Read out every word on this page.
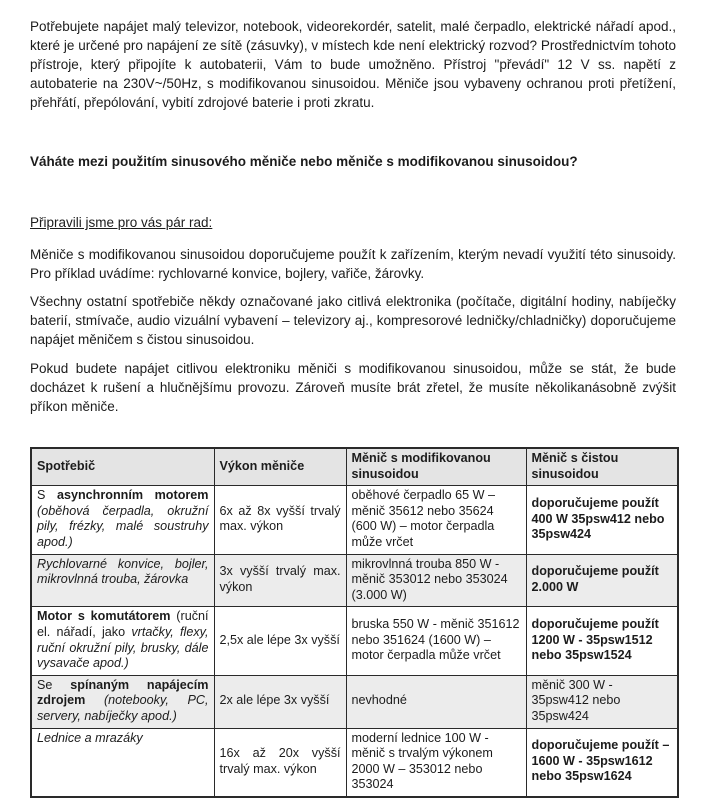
Potřebujete napájet malý televizor, notebook, videorekordér, satelit, malé čerpadlo, elektrické nářadí apod., které je určené pro napájení ze sítě (zásuvky), v místech kde není elektrický rozvod? Prostřednictvím tohoto přístroje, který připojíte k autobaterii, Vám to bude umožněno. Přístroj "převádí" 12 V ss. napětí z autobaterie na 230V~/50Hz, s modifikovanou sinusoidou. Měniče jsou vybaveny ochranou proti přetížení, přehřátí, přepólování, vybití zdrojové baterie i proti zkratu.

Váháte mezi použitím sinusového měniče nebo měniče s modifikovanou sinusoidou?

Připravili jsme pro vás pár rad:

Měniče s modifikovanou sinusoidou doporučujeme použít k zařízením, kterým nevadí využití této sinusoidy. Pro příklad uvádíme: rychlovarné konvice, bojlery, vařiče, žárovky.

Všechny ostatní spotřebiče někdy označované jako citlivá elektronika (počítače, digitální hodiny, nabíječky baterií, stmívače, audio vizuální vybavení – televizory aj., kompresorové ledničky/chladničky) doporučujeme napájet měničem s čistou sinusoidou.

Pokud budete napájet citlivou elektroniku měniči s modifikovanou sinusoidou, může se stát, že bude docházet k rušení a hlučnějšímu provozu. Zároveň musíte brát zřetel, že musíte několikanásobně zvýšit příkon měniče.

Spotřebič	Výkon měniče	Měnič s modifikovanou sinusoidou	Měnič s čistou sinusoidou
S asynchronním motorem (oběhová čerpadla, okružní pily, frézky, malé soustruhy apod.)	6x až 8x vyšší trvalý max. výkon	oběhové čerpadlo 65 W – měnič 35612 nebo 35624 (600 W) – motor čerpadla může vrčet	doporučujeme použít 400 W 35psw412 nebo 35psw424
Rychlovarné konvice, bojler, mikrovlnná trouba, žárovka	3x vyšší trvalý max. výkon	mikrovlnná trouba 850 W - měnič 353012 nebo 353024 (3.000 W)	doporučujeme použít 2.000 W
Motor s komutátorem (ruční el. nářadí, jako vrtačky, flexy, ruční okružní pily, brusky, dále vysavače apod.)	2,5x ale lépe 3x vyšší	bruska 550 W - měnič 351612 nebo 351624 (1600 W) – motor čerpadla může vrčet	doporučujeme použít 1200 W - 35psw1512 nebo 35psw1524
Se spínaným napájecím zdrojem (notebooky, PC, servery, nabíječky apod.)	2x ale lépe 3x vyšší	nevhodné	měnič 300 W - 35psw412 nebo 35psw424
Lednice a mrazáky	16x až 20x vyšší trvalý max. výkon	moderní lednice 100 W - měnič s trvalým výkonem 2000 W – 353012 nebo 353024	doporučujeme použít – 1600 W - 35psw1612 nebo 35psw1624
